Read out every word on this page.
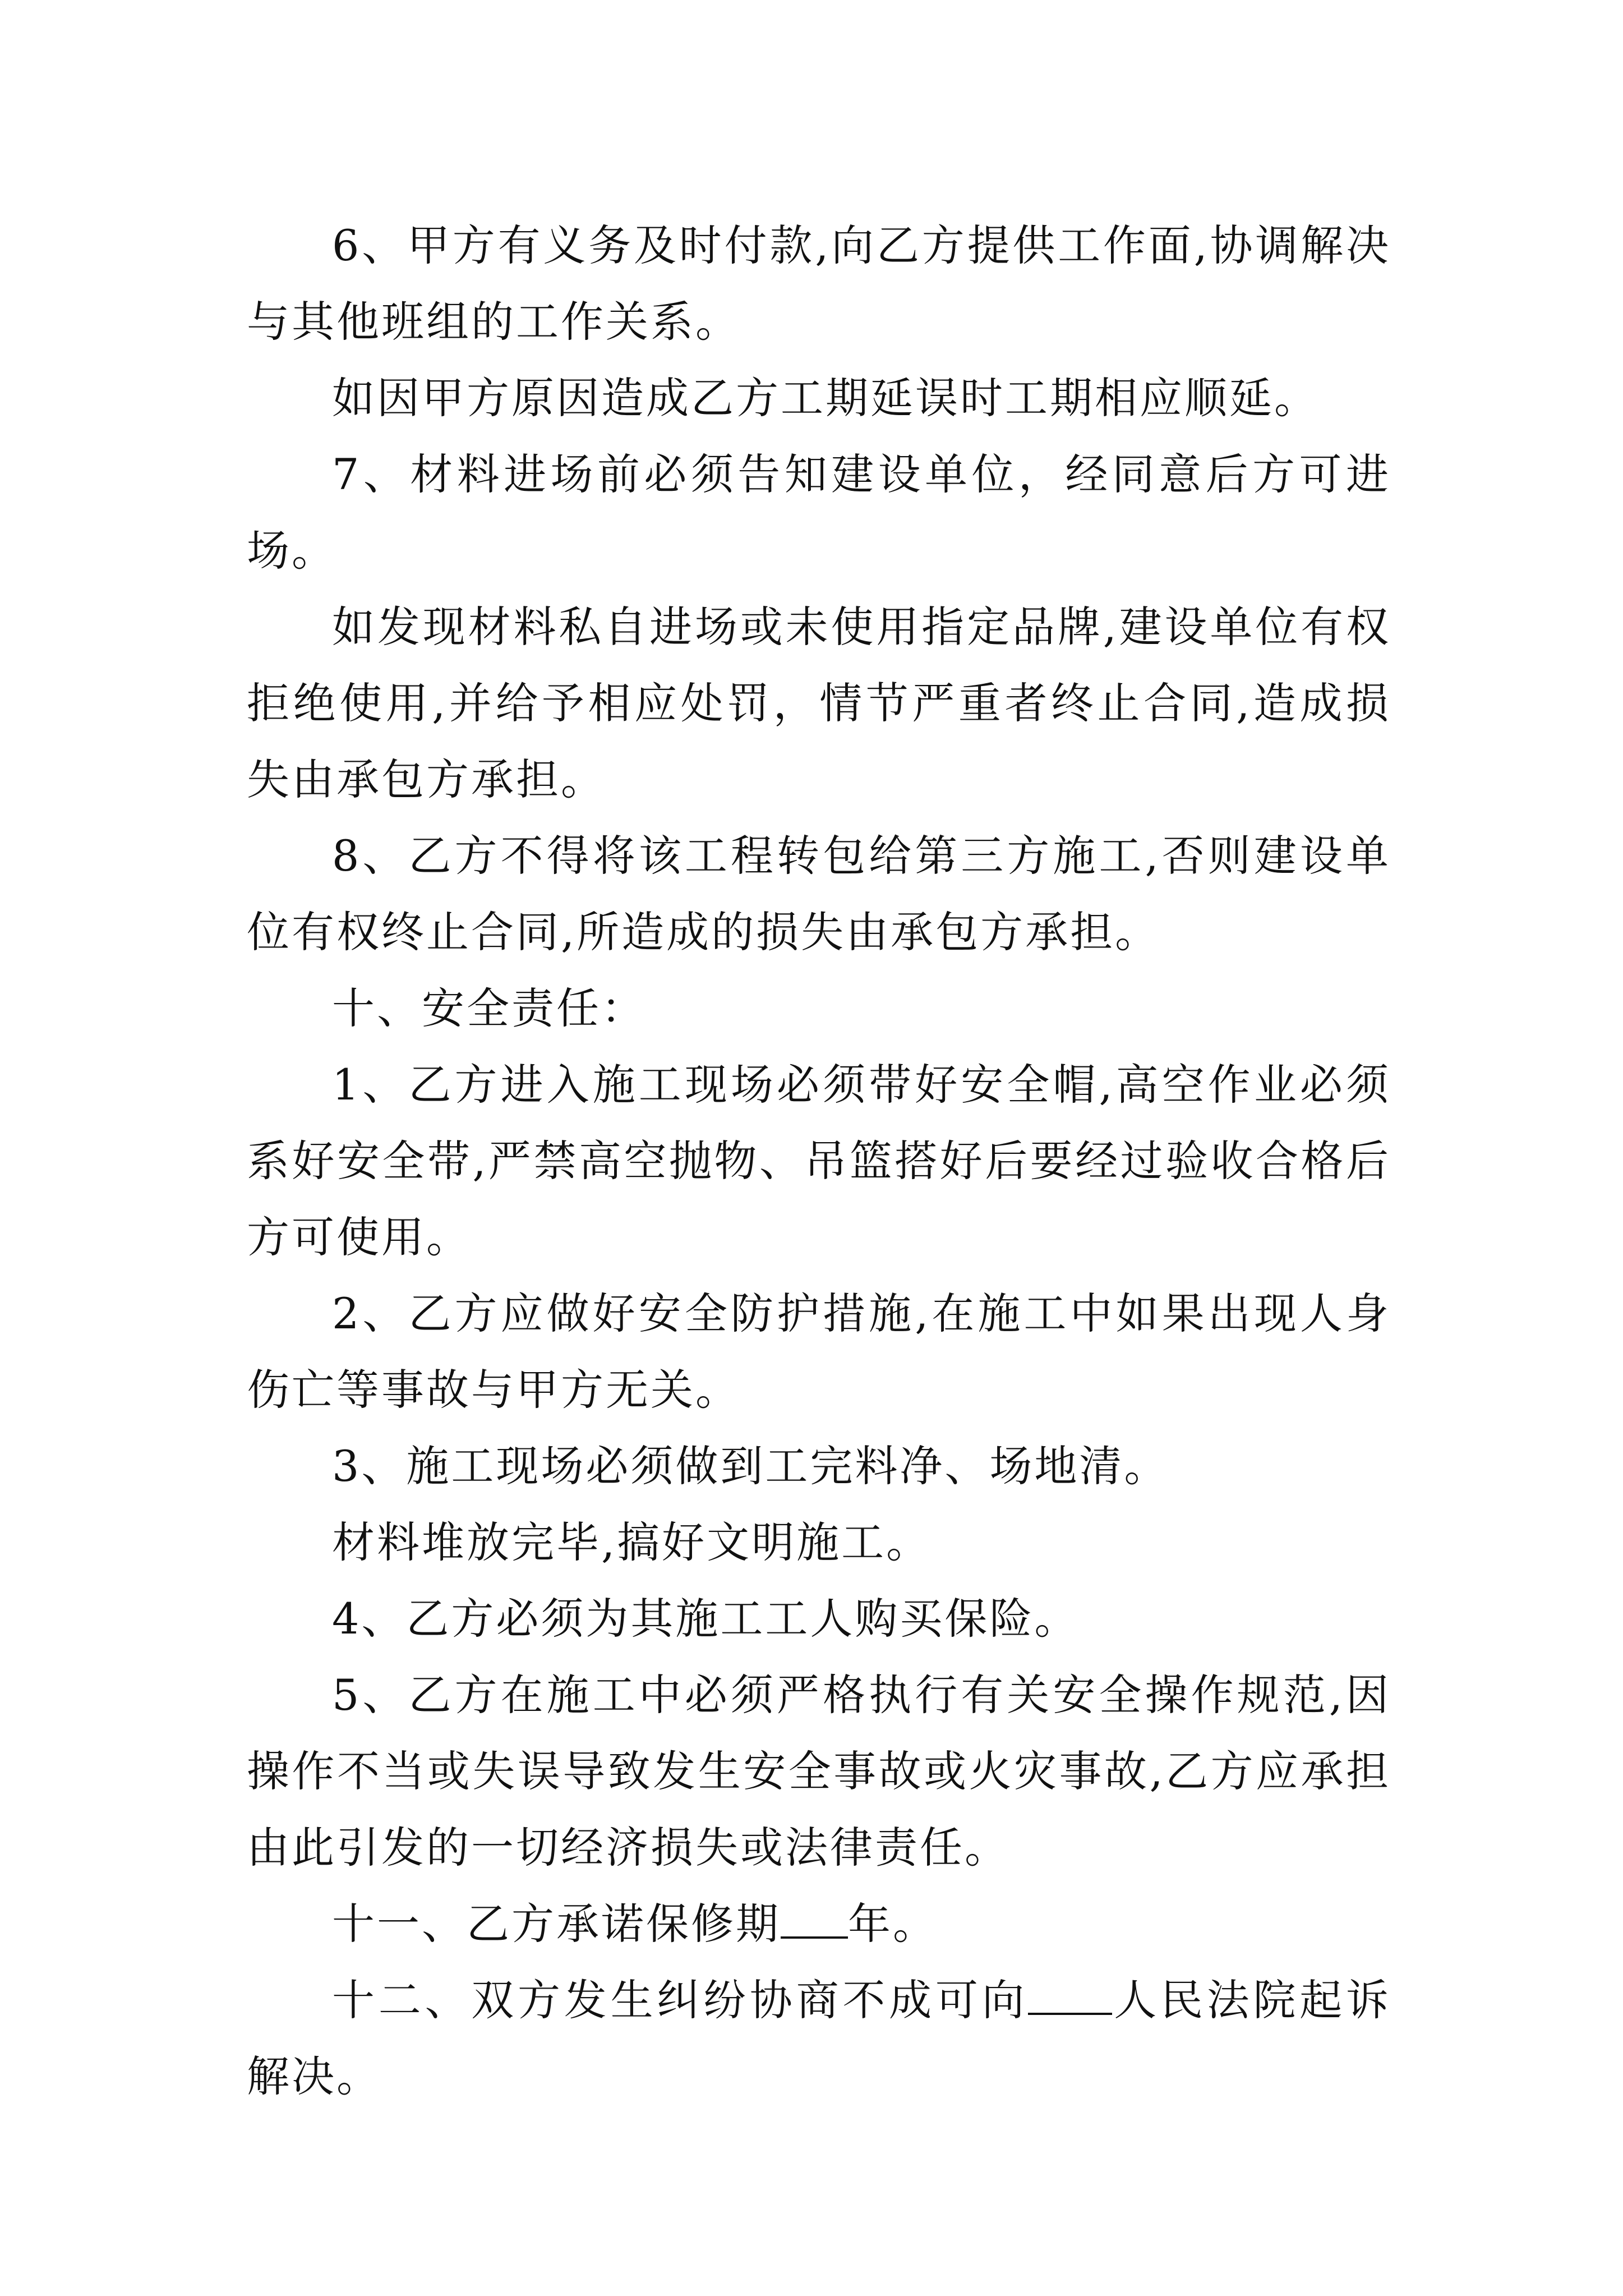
6、甲方有义务及时付款,向乙方提供工作面,协调解决与其他班组的工作关系。

如因甲方原因造成乙方工期延误时工期相应顺延。

7、材料进场前必须告知建设单位，经同意后方可进场。

如发现材料私自进场或未使用指定品牌,建设单位有权拒绝使用,并给予相应处罚，情节严重者终止合同,造成损失由承包方承担。

8、乙方不得将该工程转包给第三方施工,否则建设单位有权终止合同,所造成的损失由承包方承担。

十、安全责任：

1、乙方进入施工现场必须带好安全帽,高空作业必须系好安全带,严禁高空抛物、吊篮搭好后要经过验收合格后方可使用。

2、乙方应做好安全防护措施,在施工中如果出现人身伤亡等事故与甲方无关。

3、施工现场必须做到工完料净、场地清。

材料堆放完毕,搞好文明施工。

4、乙方必须为其施工工人购买保险。

5、乙方在施工中必须严格执行有关安全操作规范,因操作不当或失误导致发生安全事故或火灾事故,乙方应承担由此引发的一切经济损失或法律责任。

十一、乙方承诺保修期 年。

十二、双方发生纠纷协商不成可向 人民法院起诉解决。
